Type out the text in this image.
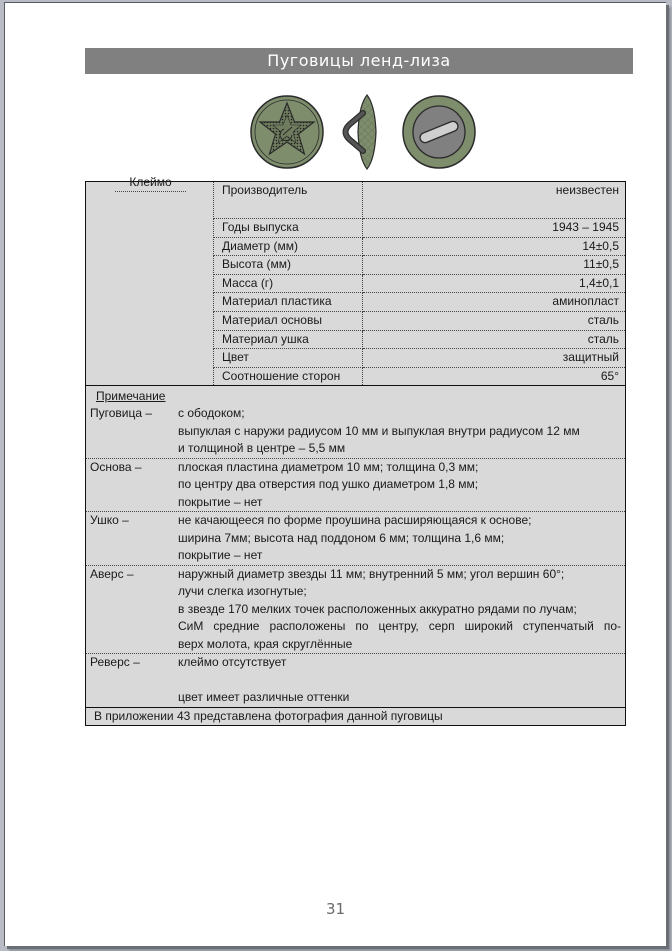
Пуговицы ленд-лиза
Клеймо	Производитель	неизвестен
	Годы выпуска	1943 – 1945
	Диаметр (мм)	14±0,5
	Высота (мм)	11±0,5
	Масса (г)	1,4±0,1
	Материал пластика	аминопласт
	Материал основы	сталь
	Материал ушка	сталь
	Цвет	защитный
	Соотношение сторон	65°
Примечание
Пуговица –	с ободоком;
выпуклая с наружи радиусом 10 мм и выпуклая внутри радиусом 12 мм
и толщиной в центре – 5,5 мм
Основа –	плоская пластина диаметром 10 мм; толщина 0,3 мм;
по центру два отверстия под ушко диаметром 1,8 мм;
покрытие – нет
Ушко –	не качающееся по форме проушина расширяющаяся к основе;
ширина 7мм; высота над поддоном 6 мм; толщина 1,6 мм;
покрытие – нет
Аверс –	наружный диаметр звезды 11 мм; внутренний 5 мм; угол вершин 60°;
лучи слегка изогнутые;
в звезде 170 мелких точек расположенных аккуратно рядами по лучам;
СиМ средние расположены по центру, серп широкий ступенчатый по-
верх молота, края скруглённые
Реверс –	клеймо отсутствует
цвет имеет различные оттенки
В приложении 43 представлена фотография данной пуговицы
31
